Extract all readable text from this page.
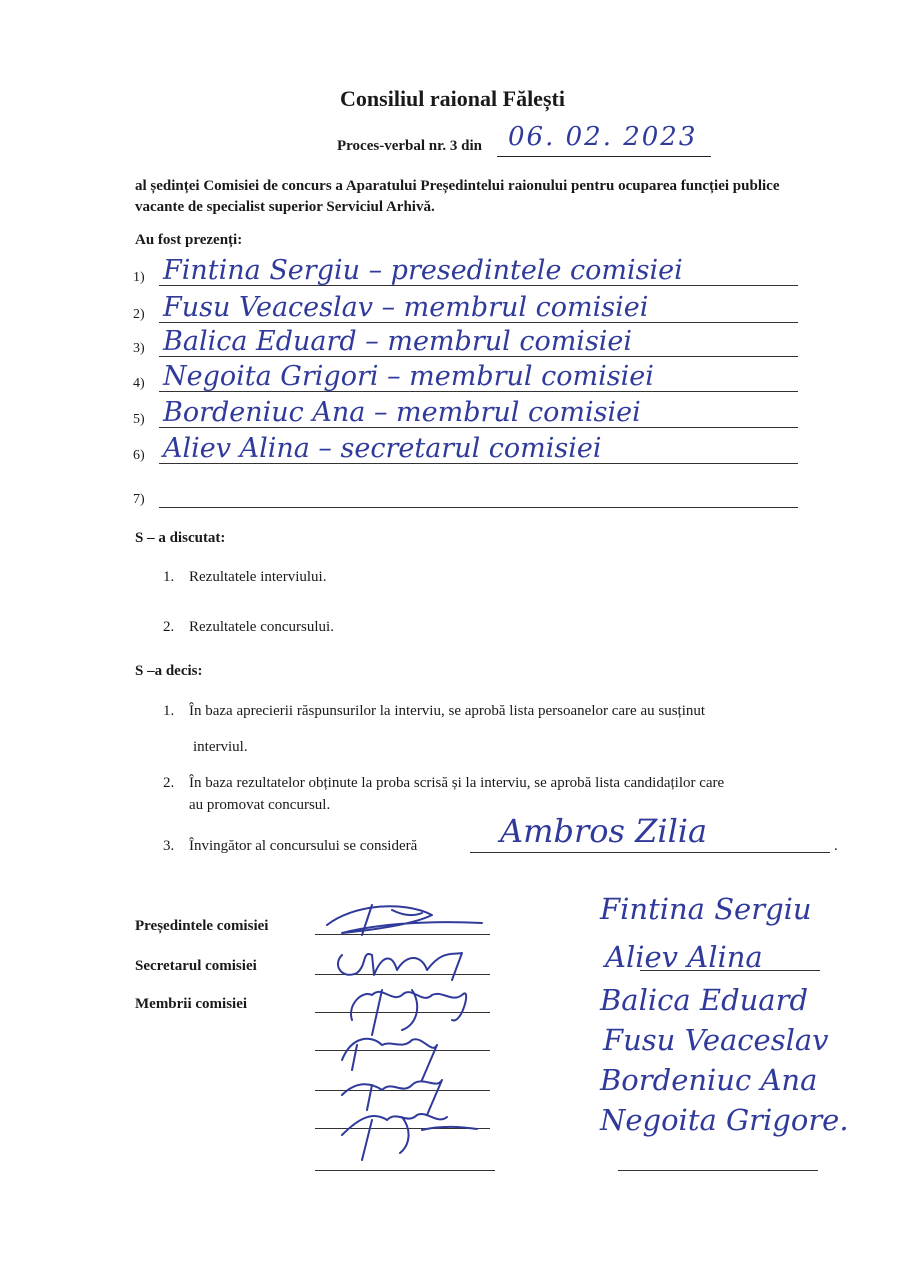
Consiliul raional Fălești
Proces-verbal nr. 3 din 06. 02. 2023
al ședinței Comisiei de concurs a Aparatului Președintelui raionului pentru ocuparea funcției publice vacante de specialist superior Serviciul Arhivă.
Au fost prezenți:
1) Fintina Sergiu – presedintele comisiei
2) Fusu Veaceslav – membrul comisiei
3) Balica Eduard – membrul comisiei
4) Negoita Grigori – membrul comisiei
5) Bordeniuc Ana – membrul comisiei
6) Aliev Alina – secretarul comisiei
7)
S – a discutat:
1. Rezultatele interviului.
2. Rezultatele concursului.
S –a decis:
1. În baza aprecierii răspunsurilor la interviu, se aprobă lista persoanelor care au susținut
interviul.
2. În baza rezultatelor obținute la proba scrisă și la interviu, se aprobă lista candidaților care
au promovat concursul.
3. Învingător al concursului se consideră	.
Ambros Zilia
Președintele comisiei
Secretarul comisiei
Membrii comisiei
Fintina Sergiu
Aliev Alina
Balica Eduard
Fusu Veaceslav
Bordeniuc Ana
Negoita Grigore.
